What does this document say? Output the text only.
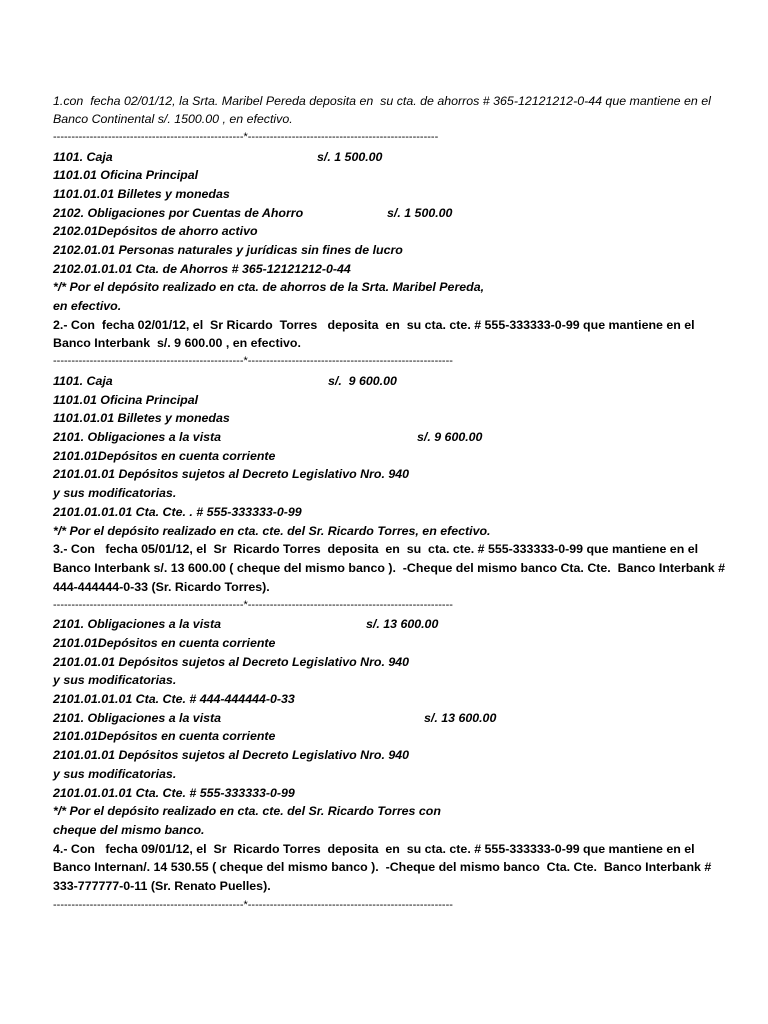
1.con  fecha 02/01/12, la Srta. Maribel Pereda deposita en  su cta. de ahorros # 365-12121212-0-44 que mantiene en el
Banco Continental s/. 1500.00 , en efectivo.
----------------------------------------------------*----------------------------------------------------
1101. Caja	s/. 1 500.00
1101.01 Oficina Principal
1101.01.01 Billetes y monedas
2102. Obligaciones por Cuentas de Ahorro	s/. 1 500.00
2102.01Depósitos de ahorro activo
2102.01.01 Personas naturales y jurídicas sin fines de lucro
2102.01.01.01 Cta. de Ahorros # 365-12121212-0-44
*/* Por el depósito realizado en cta. de ahorros de la Srta. Maribel Pereda,
en efectivo.
2.- Con  fecha 02/01/12, el  Sr Ricardo  Torres   deposita  en  su cta. cte. # 555-333333-0-99 que mantiene en el
Banco Interbank  s/. 9 600.00 , en efectivo.
----------------------------------------------------*--------------------------------------------------------
1101. Caja	s/.  9 600.00
1101.01 Oficina Principal
1101.01.01 Billetes y monedas
2101. Obligaciones a la vista	s/. 9 600.00
2101.01Depósitos en cuenta corriente
2101.01.01 Depósitos sujetos al Decreto Legislativo Nro. 940
y sus modificatorias.
2101.01.01.01 Cta. Cte. . # 555-333333-0-99
*/* Por el depósito realizado en cta. cte. del Sr. Ricardo Torres, en efectivo.
3.- Con   fecha 05/01/12, el  Sr  Ricardo Torres  deposita  en  su  cta. cte. # 555-333333-0-99 que mantiene en el
Banco Interbank s/. 13 600.00 ( cheque del mismo banco ).  -Cheque del mismo banco Cta. Cte.  Banco Interbank #
444-444444-0-33 (Sr. Ricardo Torres).
----------------------------------------------------*--------------------------------------------------------
2101. Obligaciones a la vista	s/. 13 600.00
2101.01Depósitos en cuenta corriente
2101.01.01 Depósitos sujetos al Decreto Legislativo Nro. 940
y sus modificatorias.
2101.01.01.01 Cta. Cte. # 444-444444-0-33
2101. Obligaciones a la vista	s/. 13 600.00
2101.01Depósitos en cuenta corriente
2101.01.01 Depósitos sujetos al Decreto Legislativo Nro. 940
y sus modificatorias.
2101.01.01.01 Cta. Cte. # 555-333333-0-99
*/* Por el depósito realizado en cta. cte. del Sr. Ricardo Torres con
cheque del mismo banco.
4.- Con   fecha 09/01/12, el  Sr  Ricardo Torres  deposita  en  su cta. cte. # 555-333333-0-99 que mantiene en el
Banco Internan/. 14 530.55 ( cheque del mismo banco ).  -Cheque del mismo banco  Cta. Cte.  Banco Interbank #
333-777777-0-11 (Sr. Renato Puelles).
----------------------------------------------------*--------------------------------------------------------
